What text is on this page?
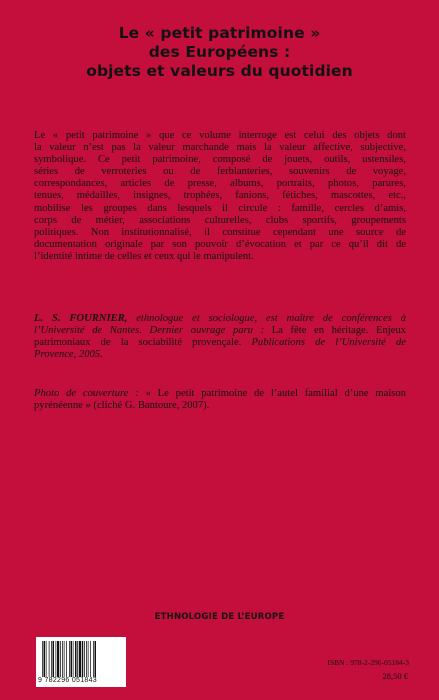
Le « petit patrimoine »
des Européens :
objets et valeurs du quotidien
Le « petit patrimoine » que ce volume interroge est celui des objets dont
la valeur n’est pas la valeur marchande mais la valeur affective, subjective,
symbolique. Ce petit patrimoine, composé de jouets, outils, ustensiles,
séries de verroteries ou de ferblanteries, souvenirs de voyage,
correspondances, articles de presse, albums, portraits, photos, parures,
tenues, médailles, insignes, trophées, fanions, fétiches, mascottes, etc.,
mobilise les groupes dans lesquels il circule : famille, cercles d’amis,
corps de métier, associations culturelles, clubs sportifs, groupements
politiques. Non institutionnalisé, il constitue cependant une source de
documentation originale par son pouvoir d’évocation et par ce qu’il dit de
l’identité intime de celles et ceux qui le manipulent.
L. S. FOURNIER, ethnologue et sociologue, est maître de conférences à
l’Université de Nantes. Dernier ouvrage paru : La fête en héritage. Enjeux
patrimoniaux de la sociabilité provençale. Publications de l’Université de
Provence, 2005.
Photo de couverture : « Le petit patrimoine de l’autel familial d’une maison
pyrénéenne » (cliché G. Bantoure, 2007).
ETHNOLOGIE DE L’EUROPE
9 782296 051843
ISBN : 978-2-296-05184-3
28,50 €
